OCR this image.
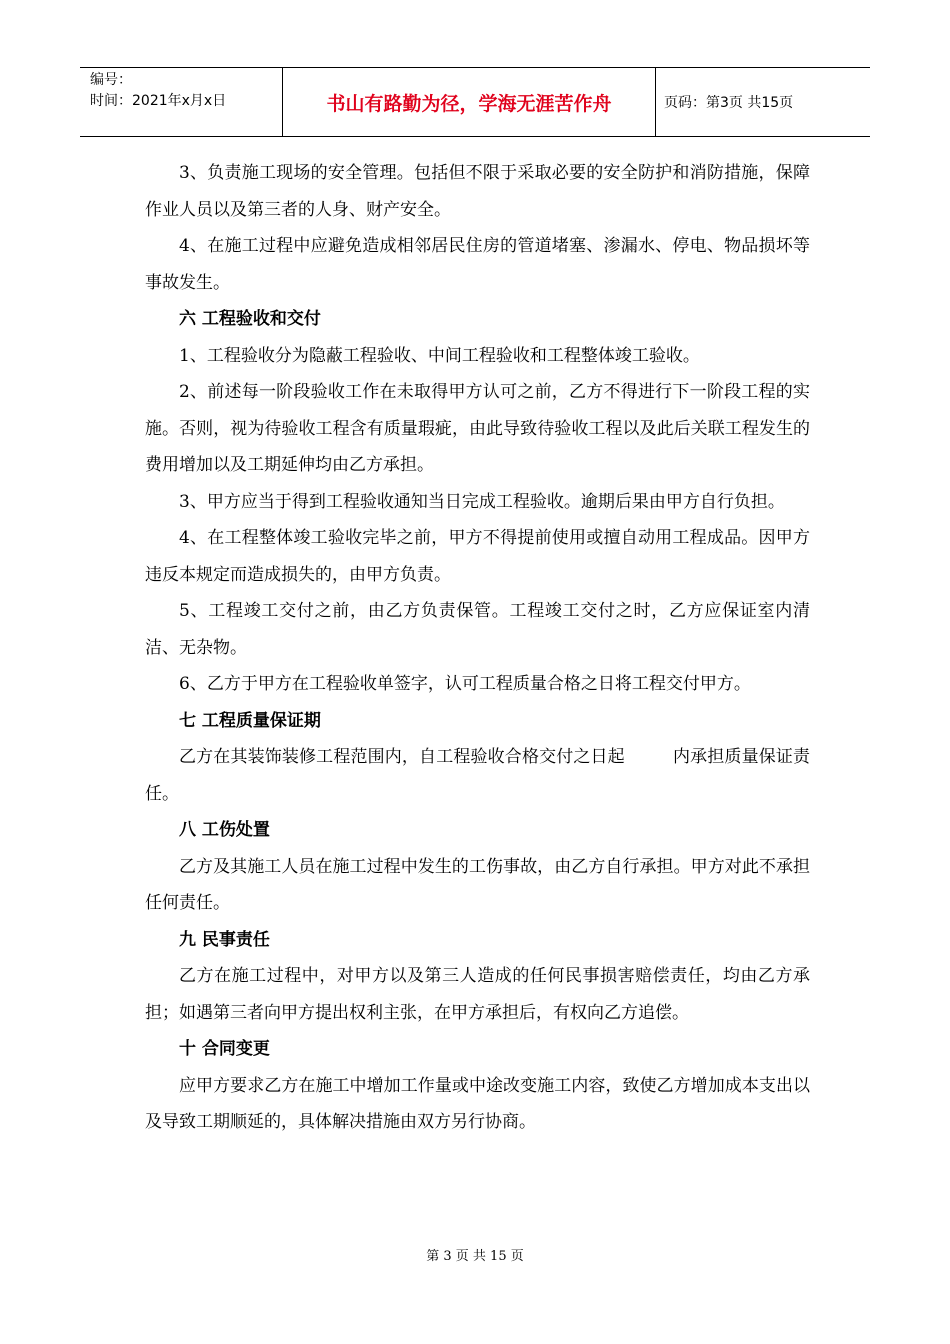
编号：
时间：2021年x月x日	书山有路勤为径，学海无涯苦作舟	页码：第3页 共15页

3、负责施工现场的安全管理。包括但不限于采取必要的安全防护和消防措施，保障作业人员以及第三者的人身、财产安全。

4、在施工过程中应避免造成相邻居民住房的管道堵塞、渗漏水、停电、物品损坏等事故发生。

六 工程验收和交付

1、工程验收分为隐蔽工程验收、中间工程验收和工程整体竣工验收。

2、前述每一阶段验收工作在未取得甲方认可之前，乙方不得进行下一阶段工程的实施。否则，视为待验收工程含有质量瑕疵，由此导致待验收工程以及此后关联工程发生的费用增加以及工期延伸均由乙方承担。

3、甲方应当于得到工程验收通知当日完成工程验收。逾期后果由甲方自行负担。

4、在工程整体竣工验收完毕之前，甲方不得提前使用或擅自动用工程成品。因甲方违反本规定而造成损失的，由甲方负责。

5、工程竣工交付之前，由乙方负责保管。工程竣工交付之时，乙方应保证室内清洁、无杂物。

6、乙方于甲方在工程验收单签字，认可工程质量合格之日将工程交付甲方。

七 工程质量保证期

乙方在其装饰装修工程范围内，自工程验收合格交付之日起	内承担质量保证责任。

八 工伤处置

乙方及其施工人员在施工过程中发生的工伤事故，由乙方自行承担。甲方对此不承担任何责任。

九 民事责任

乙方在施工过程中，对甲方以及第三人造成的任何民事损害赔偿责任，均由乙方承担；如遇第三者向甲方提出权利主张，在甲方承担后，有权向乙方追偿。

十 合同变更

应甲方要求乙方在施工中增加工作量或中途改变施工内容，致使乙方增加成本支出以及导致工期顺延的，具体解决措施由双方另行协商。

第 3 页 共 15 页
